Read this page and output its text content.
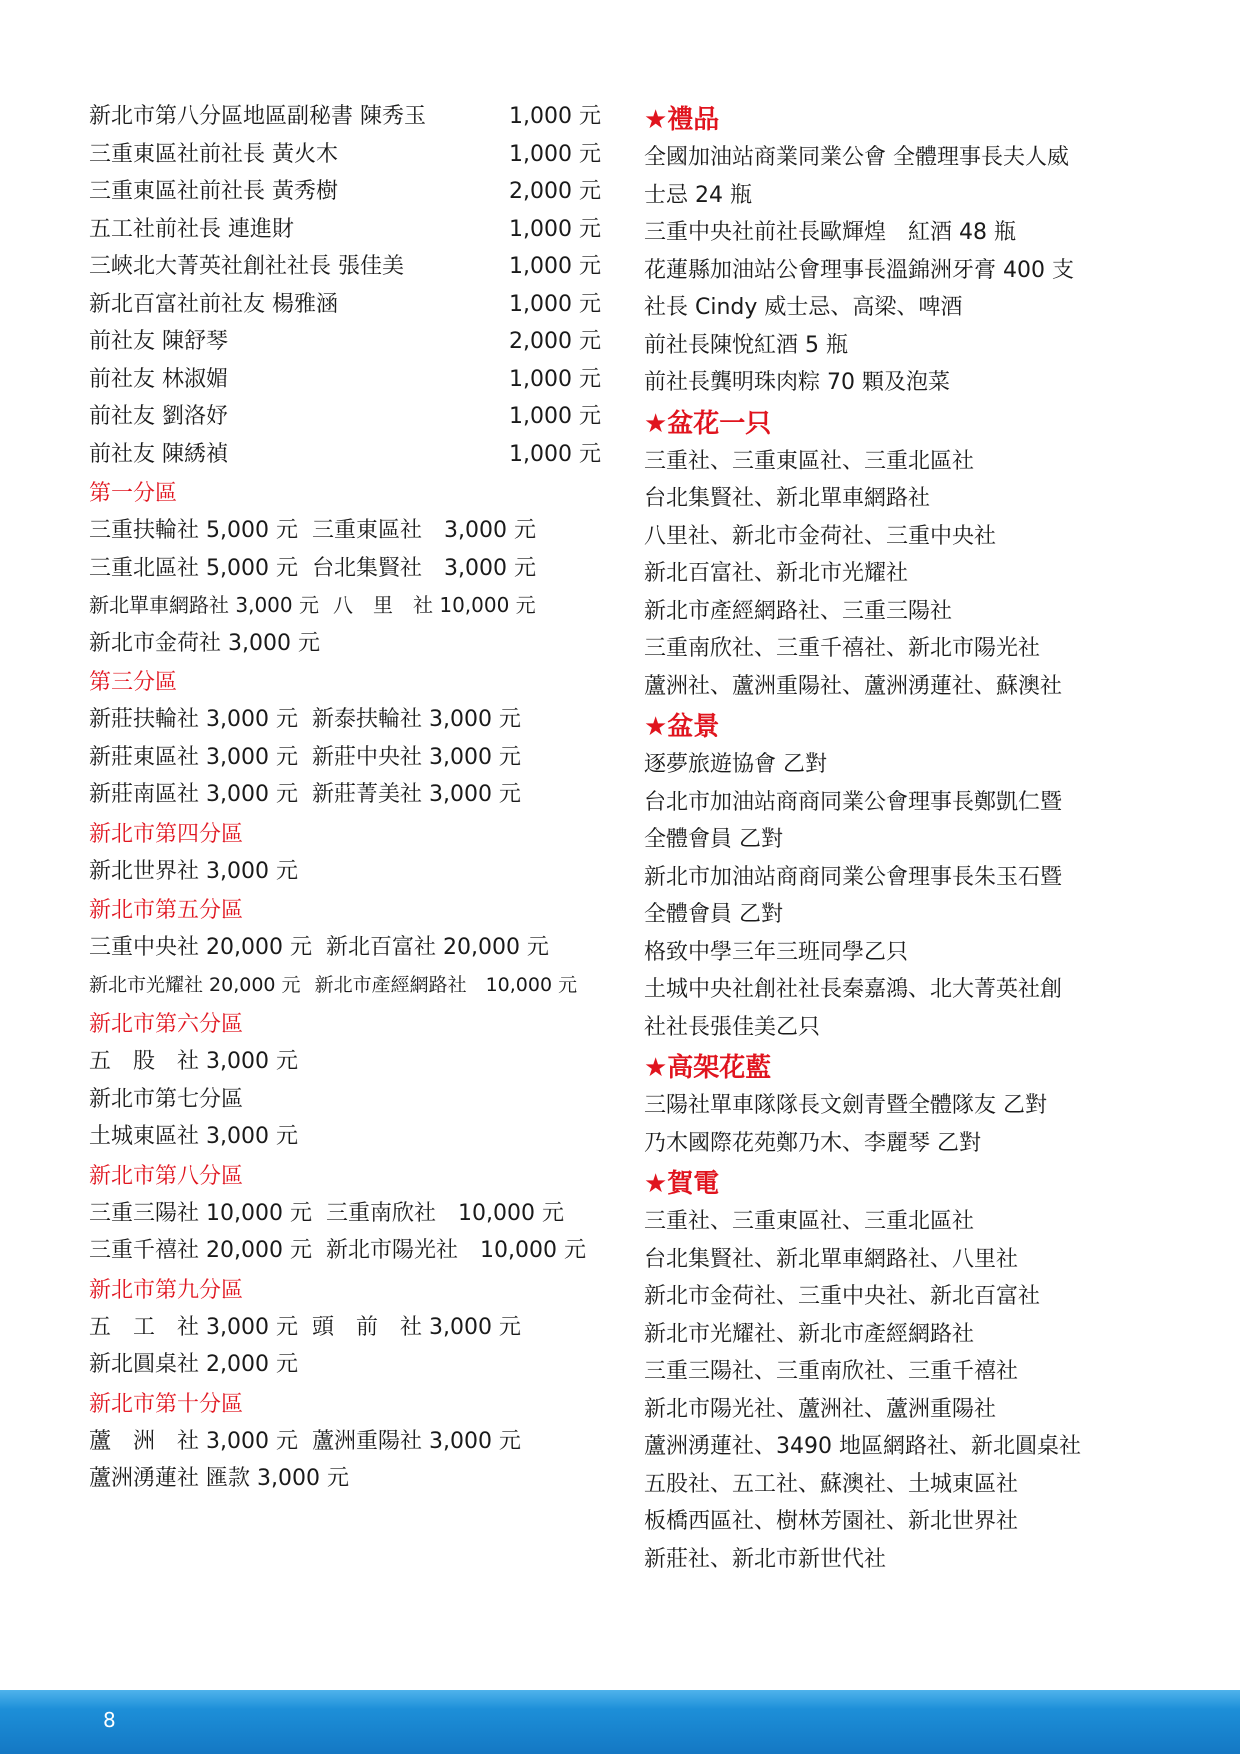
新北市第八分區地區副秘書 陳秀玉	1,000 元
三重東區社前社長 黃火木	1,000 元
三重東區社前社長 黃秀樹	2,000 元
五工社前社長 連進財	1,000 元
三峽北大菁英社創社社長 張佳美	1,000 元
新北百富社前社友 楊雅涵	1,000 元
前社友 陳舒琴	2,000 元
前社友 林淑媚	1,000 元
前社友 劉洛妤	1,000 元
前社友 陳綉禎	1,000 元
第一分區
三重扶輪社 5,000 元 三重東區社　3,000 元
三重北區社 5,000 元 台北集賢社　3,000 元
新北單車網路社 3,000 元 八　里　社 10,000 元
新北市金荷社 3,000 元
第三分區
新莊扶輪社 3,000 元 新泰扶輪社 3,000 元
新莊東區社 3,000 元 新莊中央社 3,000 元
新莊南區社 3,000 元 新莊菁美社 3,000 元
新北市第四分區
新北世界社 3,000 元
新北市第五分區
三重中央社 20,000 元 新北百富社 20,000 元
新北市光耀社 20,000 元 新北市產經網路社　10,000 元
新北市第六分區
五　股　社 3,000 元
新北市第七分區
土城東區社 3,000 元
新北市第八分區
三重三陽社 10,000 元 三重南欣社　10,000 元
三重千禧社 20,000 元 新北市陽光社　10,000 元
新北市第九分區
五　工　社 3,000 元 頭　前　社 3,000 元
新北圓桌社 2,000 元
新北市第十分區
蘆　洲　社 3,000 元 蘆洲重陽社 3,000 元
蘆洲湧蓮社 匯款 3,000 元
★禮品
全國加油站商業同業公會 全體理事長夫人威
士忌 24 瓶
三重中央社前社長歐輝煌　紅酒 48 瓶
花蓮縣加油站公會理事長溫錦洲牙膏 400 支
社長 Cindy 威士忌、高梁、啤酒
前社長陳悅紅酒 5 瓶
前社長龔明珠肉粽 70 顆及泡菜
★盆花一只
三重社、三重東區社、三重北區社
台北集賢社、新北單車網路社
八里社、新北市金荷社、三重中央社
新北百富社、新北市光耀社
新北市產經網路社、三重三陽社
三重南欣社、三重千禧社、新北市陽光社
蘆洲社、蘆洲重陽社、蘆洲湧蓮社、蘇澳社
★盆景
逐夢旅遊協會 乙對
台北市加油站商商同業公會理事長鄭凱仁暨
全體會員 乙對
新北市加油站商商同業公會理事長朱玉石暨
全體會員 乙對
格致中學三年三班同學乙只
土城中央社創社社長秦嘉鴻、北大菁英社創
社社長張佳美乙只
★高架花藍
三陽社單車隊隊長文劍青暨全體隊友 乙對
乃木國際花苑鄭乃木、李麗琴 乙對
★賀電
三重社、三重東區社、三重北區社
台北集賢社、新北單車網路社、八里社
新北市金荷社、三重中央社、新北百富社
新北市光耀社、新北市產經網路社
三重三陽社、三重南欣社、三重千禧社
新北市陽光社、蘆洲社、蘆洲重陽社
蘆洲湧蓮社、3490 地區網路社、新北圓桌社
五股社、五工社、蘇澳社、土城東區社
板橋西區社、樹林芳園社、新北世界社
新莊社、新北市新世代社
8
